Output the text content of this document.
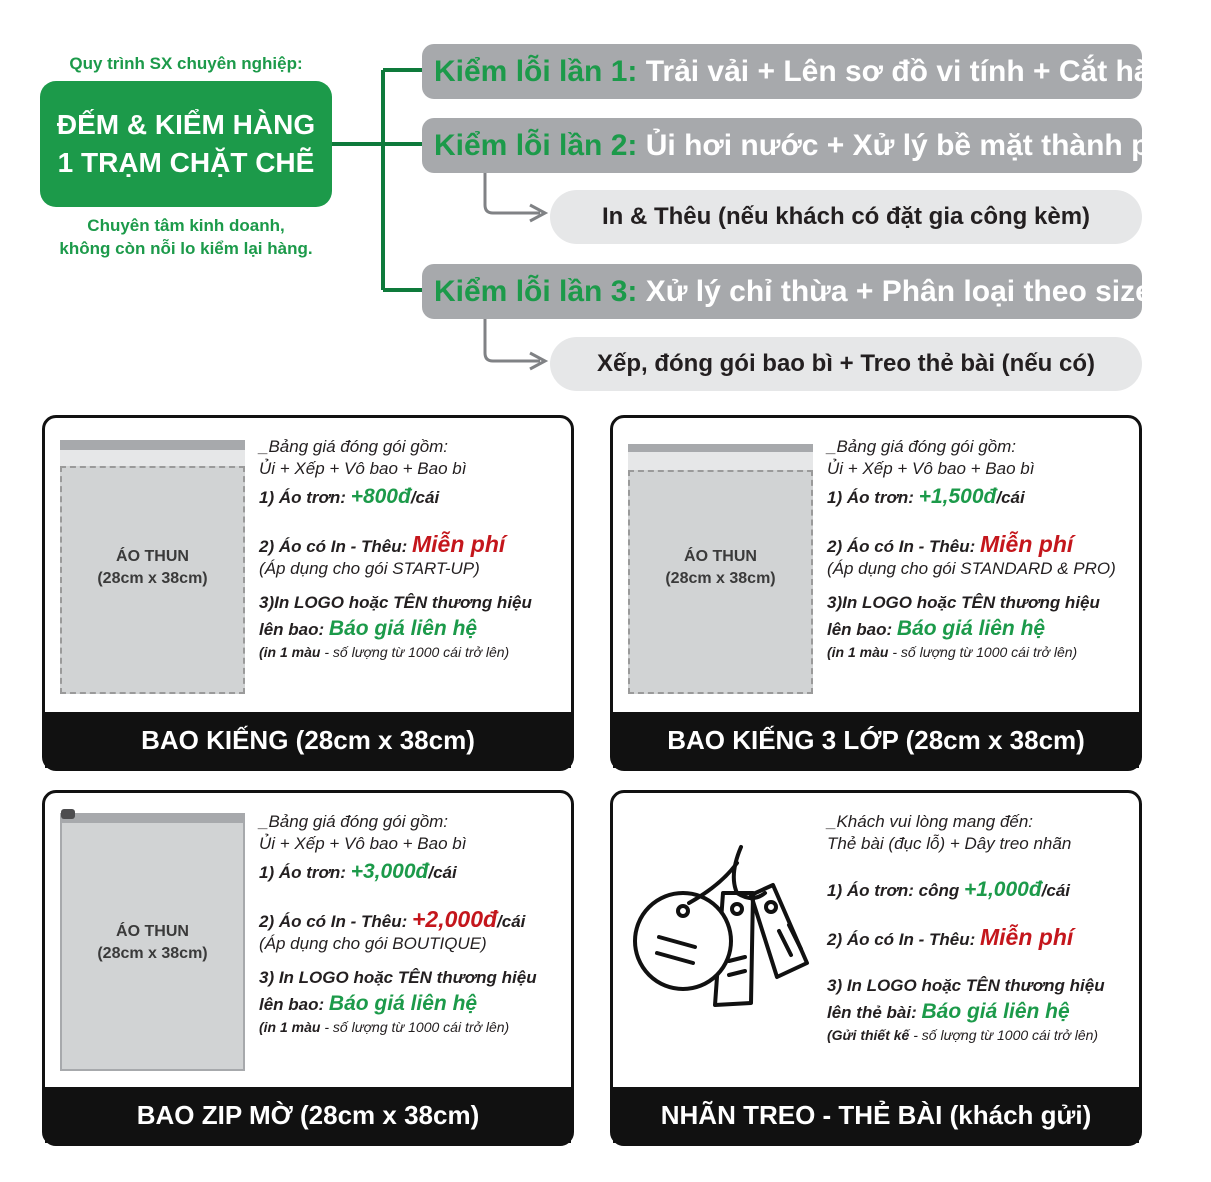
Quy trình SX chuyên nghiệp:
ĐẾM & KIỂM HÀNG
1 TRẠM CHẶT CHẼ
Chuyên tâm kinh doanh,
không còn nỗi lo kiểm lại hàng.
Kiểm lỗi lần 1:
Trải vải + Lên sơ đồ vi tính + Cắt hàng
Kiểm lỗi lần 2:
Ủi hơi nước + Xử lý bề mặt thành phẩm
In & Thêu (nếu khách có đặt gia công kèm)
Kiểm lỗi lần 3:
Xử lý chỉ thừa + Phân loại theo size áo
Xếp, đóng gói bao bì + Treo thẻ bài (nếu có)
ÁO THUN
(28cm x 38cm)
_Bảng giá đóng gói gồm:
Ủi + Xếp + Vô bao + Bao bì
1) Áo trơn: +800đ/cái
2) Áo có In - Thêu: Miễn phí
(Áp dụng cho gói START-UP)
3)In LOGO hoặc TÊN thương hiệu
lên bao: Báo giá liên hệ
(in 1 màu - số lượng từ 1000 cái trở lên)
BAO KIẾNG (28cm x 38cm)
ÁO THUN
(28cm x 38cm)
_Bảng giá đóng gói gồm:
Ủi + Xếp + Vô bao + Bao bì
1) Áo trơn: +1,500đ/cái
2) Áo có In - Thêu: Miễn phí
(Áp dụng cho gói STANDARD & PRO)
3)In LOGO hoặc TÊN thương hiệu
lên bao: Báo giá liên hệ
(in 1 màu - số lượng từ 1000 cái trở lên)
BAO KIẾNG 3 LỚP (28cm x 38cm)
ÁO THUN
(28cm x 38cm)
_Bảng giá đóng gói gồm:
Ủi + Xếp + Vô bao + Bao bì
1) Áo trơn: +3,000đ/cái
2) Áo có In - Thêu: +2,000đ/cái
(Áp dụng cho gói BOUTIQUE)
3) In LOGO hoặc TÊN thương hiệu
lên bao: Báo giá liên hệ
(in 1 màu - số lượng từ 1000 cái trở lên)
BAO ZIP MỜ (28cm x 38cm)
_Khách vui lòng mang đến:
Thẻ bài (đục lỗ) + Dây treo nhãn
1) Áo trơn: công +1,000đ/cái
2) Áo có In - Thêu: Miễn phí
3) In LOGO hoặc TÊN thương hiệu
lên thẻ bài: Báo giá liên hệ
(Gửi thiết kế - số lượng từ 1000 cái trở lên)
NHÃN TREO - THẺ BÀI (khách gửi)
